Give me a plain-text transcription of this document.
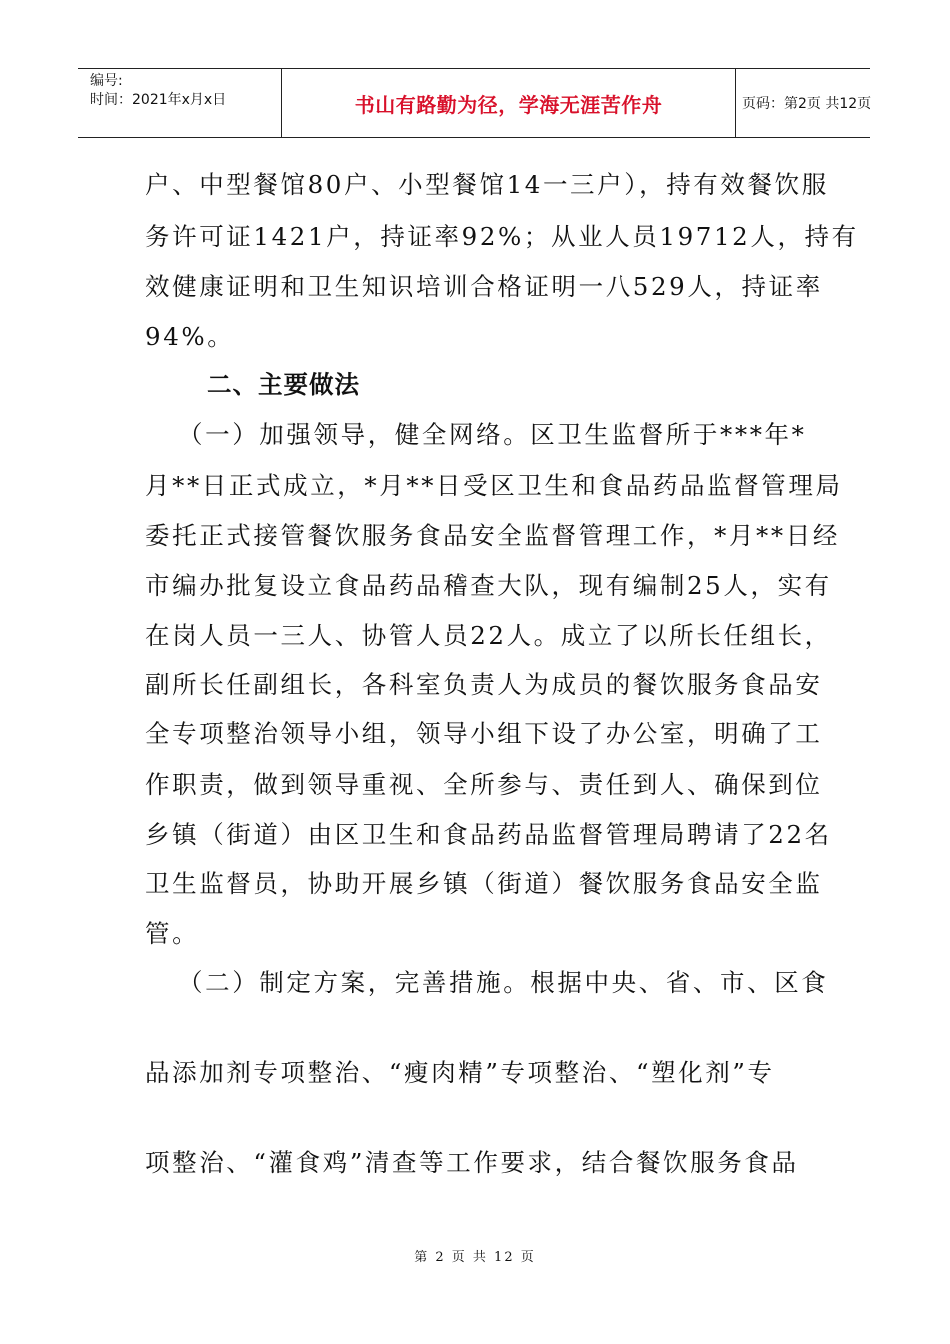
编号:
时间：2021年x月x日	书山有路勤为径，学海无涯苦作舟	页码：第2页 共12页
户、中型餐馆80户、小型餐馆14一三户），持有效餐饮服
务许可证1421户，持证率92%；从业人员19712人，持有
效健康证明和卫生知识培训合格证明一八529人，持证率
94%。
二、主要做法
（一）加强领导，健全网络。区卫生监督所于***年*
月**日正式成立，*月**日受区卫生和食品药品监督管理局
委托正式接管餐饮服务食品安全监督管理工作，*月**日经
市编办批复设立食品药品稽查大队，现有编制25人，实有
在岗人员一三人、协管人员22人。成立了以所长任组长，
副所长任副组长，各科室负责人为成员的餐饮服务食品安
全专项整治领导小组，领导小组下设了办公室，明确了工
作职责，做到领导重视、全所参与、责任到人、确保到位
乡镇（街道）由区卫生和食品药品监督管理局聘请了22名
卫生监督员，协助开展乡镇（街道）餐饮服务食品安全监
管。
（二）制定方案，完善措施。根据中央、省、市、区食
品添加剂专项整治、“瘦肉精”专项整治、“塑化剂”专
项整治、“灌食鸡”清查等工作要求，结合餐饮服务食品
第 2 页 共 12 页
